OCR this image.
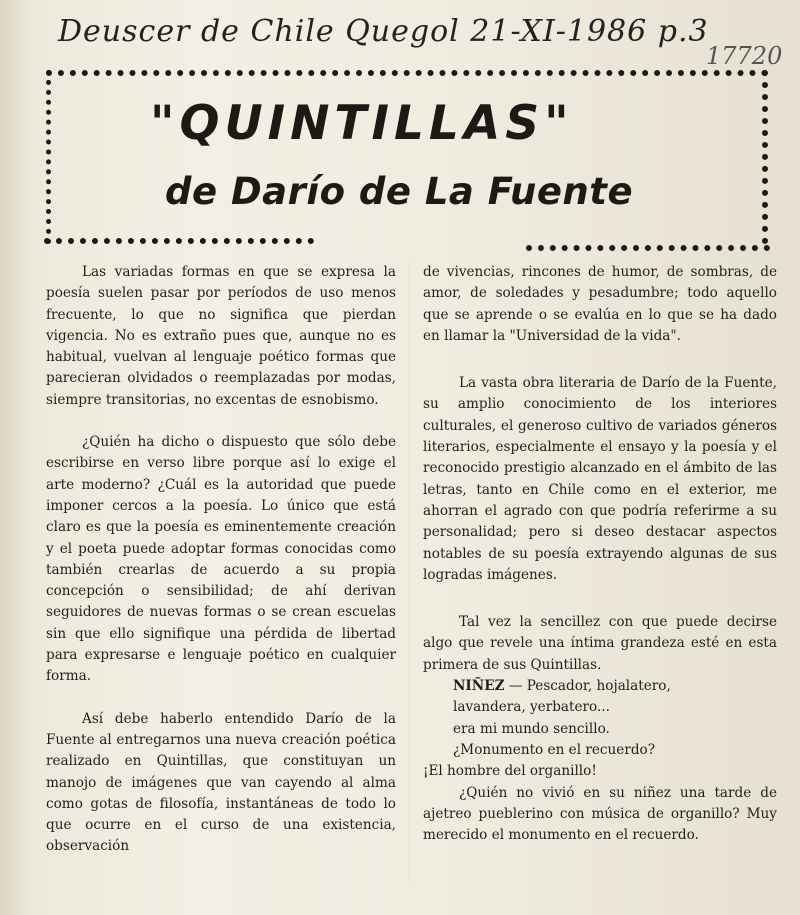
Deuscer de Chile Quegol 21-XI-1986 p.3
17720
"QUINTILLAS"
de Darío de La Fuente

Las variadas formas en que se expresa la poesía suelen pasar por períodos de uso menos frecuente, lo que no significa que pierdan vigencia. No es extraño pues que, aunque no es habitual, vuelvan al lenguaje poético formas que parecieran olvidados o reemplazadas por modas, siempre transitorias, no excentas de esnobismo.

¿Quién ha dicho o dispuesto que sólo debe escribirse en verso libre porque así lo exige el arte moderno? ¿Cuál es la autoridad que puede imponer cercos a la poesía. Lo único que está claro es que la poesía es eminentemente creación y el poeta puede adoptar formas conocidas como también crearlas de acuerdo a su propia concepción o sensibilidad; de ahí derivan seguidores de nuevas formas o se crean escuelas sin que ello signifique una pérdida de libertad para expresarse e lenguaje poético en cualquier forma.

Así debe haberlo entendido Darío de la Fuente al entregarnos una nueva creación poética realizado en Quintillas, que constituyan un manojo de imágenes que van cayendo al alma como gotas de filosofía, instantáneas de todo lo que ocurre en el curso de una existencia, observación

de vivencias, rincones de humor, de sombras, de amor, de soledades y pesadumbre; todo aquello que se aprende o se evalúa en lo que se ha dado en llamar la "Universidad de la vida".

La vasta obra literaria de Darío de la Fuente, su amplio conocimiento de los interiores culturales, el generoso cultivo de variados géneros literarios, especialmente el ensayo y la poesía y el reconocido prestigio alcanzado en el ámbito de las letras, tanto en Chile como en el exterior, me ahorran el agrado con que podría referirme a su personalidad; pero si deseo destacar aspectos notables de su poesía extrayendo algunas de sus logradas imágenes.

Tal vez la sencillez con que puede decirse algo que revele una íntima grandeza esté en esta primera de sus Quintillas.

NIÑEZ — Pescador, hojalatero,
lavandera, yerbatero...
era mi mundo sencillo.
¿Monumento en el recuerdo?
¡El hombre del organillo!

¿Quién no vivió en su niñez una tarde de ajetreo pueblerino con música de organillo? Muy merecido el monumento en el recuerdo.
